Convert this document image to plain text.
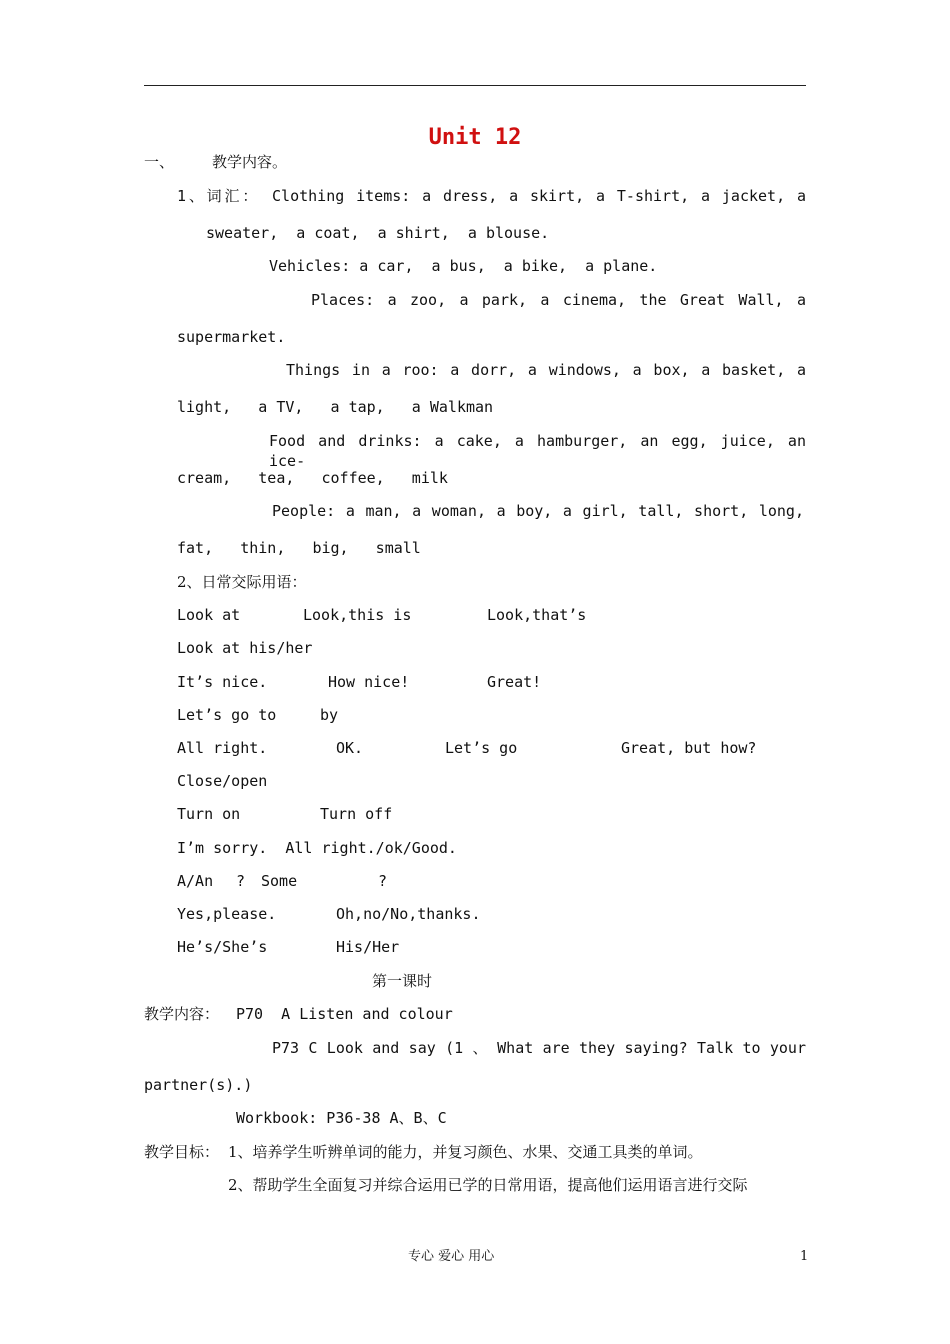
Unit 12
一、	教学内容。
1、词汇： Clothing items: a dress, a skirt, a T-shirt, a jacket, a
sweater,  a coat,  a shirt,  a blouse.
Vehicles: a car,  a bus,  a bike,  a plane.
Places: a zoo, a park, a cinema, the Great Wall, a
supermarket.
Things in a roo: a dorr, a windows, a box, a basket, a
light,   a TV,   a tap,   a Walkman
Food and drinks: a cake, a hamburger, an egg, juice, an ice-
cream,   tea,   coffee,   milk
People: a man, a woman, a boy, a girl, tall, short, long,
fat,   thin,   big,   small
2、日常交际用语：
Look at	Look,this is	Look,that’s
Look at his/her
It’s nice.	How nice!	Great!
Let’s go to	by
All right.	OK.	Let’s go	Great, but how?
Close/open
Turn on	Turn off
I’m sorry.  All right./ok/Good.
A/An ? Some	?
Yes,please.	Oh,no/No,thanks.
He’s/She’s	His/Her
第一课时
教学内容： P70  A Listen and colour
P73 C Look and say (1 、 What are they saying? Talk to your
partner(s).)
Workbook: P36-38 A、B、C
教学目标： 1、培养学生听辨单词的能力，并复习颜色、水果、交通工具类的单词。
2、帮助学生全面复习并综合运用已学的日常用语，提高他们运用语言进行交际
专心 爱心 用心	1
